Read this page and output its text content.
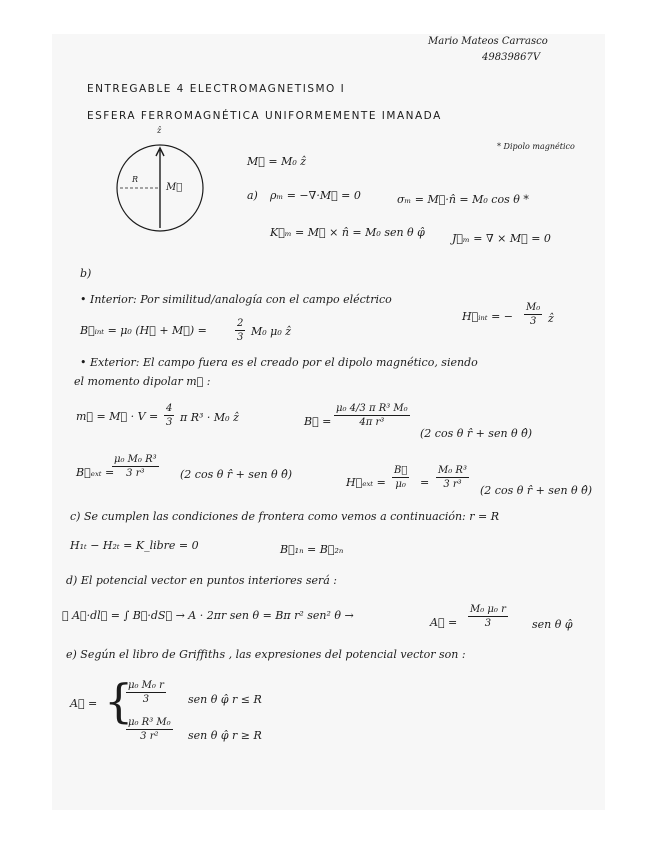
Mario Mateos Carrasco
49839867V
ENTREGABLE 4 ELECTROMAGNETISMO I
ESFERA FERROMAGNÉTICA UNIFORMEMENTE IMANADA
ẑ
R
M⃗
* Dipolo magnético
M⃗ = M₀ ẑ
a) ρₘ = −∇·M⃗ = 0	σₘ = M⃗·n̂ = M₀ cos θ *
K⃗ₘ = M⃗ × n̂ = M₀ sen θ φ̂ J⃗ₘ = ∇ × M⃗ = 0
b)
• Interior: Por similitud/analogía con el campo eléctrico
H⃗ᵢₙₜ = − $\frac{\text{M₀}}{3}$ ẑ
B⃗ᵢₙₜ = μ₀ (H⃗ + M⃗) =	$\frac{2}{3} M_0$ μ₀ ẑ
• Exterior: El campo fuera es el creado por el dipolo magnético, siendo
el momento dipolar m⃗ :
m⃗ = M⃗ · $V = \frac{4}{3}$ π R³ · M₀ ẑ	B⃗ = $\frac{\text{μ₀ 4/3 π R³ M₀}}{\text{4π r³}}$
(2 cos θ r̂ + sen θ θ̂)
B⃗ₑₓₜ =
$\frac{\text{μ₀ M₀ R³}}{\text{3 r³}} (2$ cos θ r̂ + sen θ θ̂)
H⃗ₑₓₜ = $\frac{B⃗}{\text{μ₀}} = \frac{\text{M₀ R³}}{\text{3 r³}}$
(2 cos θ r̂ + sen θ θ̂)
c) Se cumplen las condiciones de frontera como vemos a continuación: r = R
H₁ₜ − H₂ₜ = K_libre = 0	B⃗₁ₙ = B⃗₂ₙ
d) El potencial vector en puntos interiores será :
∮ A⃗·dl⃗ = ∫ B⃗·dS⃗ → A · 2πr sen θ = Bπ r² sen² θ →
A⃗ = $\frac{\text{M₀ μ₀ r}}{3}$ sen θ φ̂
e) Según el libro de Griffiths , las expresiones del potencial vector son :
A⃗ = {
$\frac{\text{μ₀ M₀ r}}{3}$ sen θ φ̂ r ≤ R
$\frac{\text{μ₀ R³ M₀}}{\text{3 r²}}$ sen θ φ̂ r ≥ R
